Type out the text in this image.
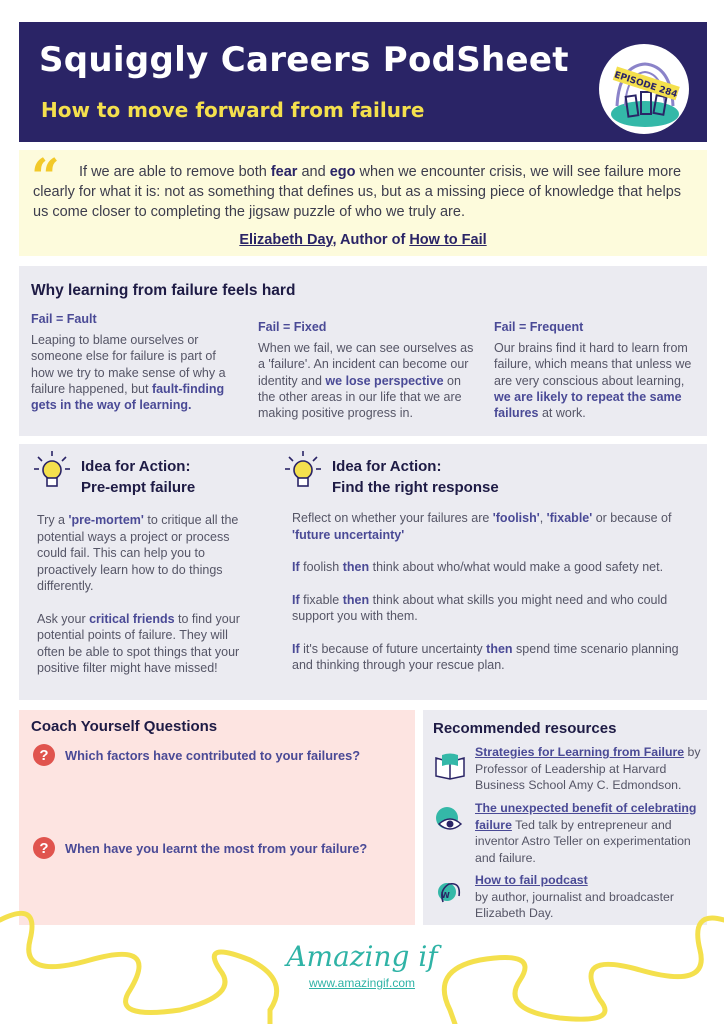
Squiggly Careers PodSheet
How to move forward from failure
EPISODE 284
“	If we are able to remove both fear and ego when we encounter crisis, we will see failure more clearly for what it is: not as something that defines us, but as a missing piece of knowledge that helps us come closer to completing the jigsaw puzzle of who we truly are.
Elizabeth Day, Author of How to Fail
Why learning from failure feels hard
Fail = Fault
Leaping to blame ourselves or someone else for failure is part of how we try to make sense of why a failure happened, but fault-finding gets in the way of learning.
Fail = Fixed
When we fail, we can see ourselves as a 'failure'. An incident can become our identity and we lose perspective on the other areas in our life that we are making positive progress in.
Fail = Frequent
Our brains find it hard to learn from failure, which means that unless we are very conscious about learning, we are likely to repeat the same failures at work.
Idea for Action:
Pre-empt failure

Try a 'pre-mortem' to critique all the potential ways a project or process could fail. This can help you to proactively learn how to do things differently.

Ask your critical friends to find your potential points of failure. They will often be able to spot things that your positive filter might have missed!

Idea for Action:
Find the right response

Reflect on whether your failures are 'foolish', 'fixable' or because of 'future uncertainty'

If foolish then think about who/what would make a good safety net.

If fixable then think about what skills you might need and who could support you with them.

If it's because of future uncertainty then spend time scenario planning and thinking through your rescue plan.

Coach Yourself Questions
?	Which factors have contributed to your failures?
?	When have you learnt the most from your failure?
Recommended resources
Strategies for Learning from Failure by Professor of Leadership at Harvard Business School Amy C. Edmondson.
The unexpected benefit of celebrating failure Ted talk by entrepreneur and inventor Astro Teller on experimentation and failure.
W
How to fail podcast
by author, journalist and broadcaster Elizabeth Day.
Amazing if
www.amazingif.com
